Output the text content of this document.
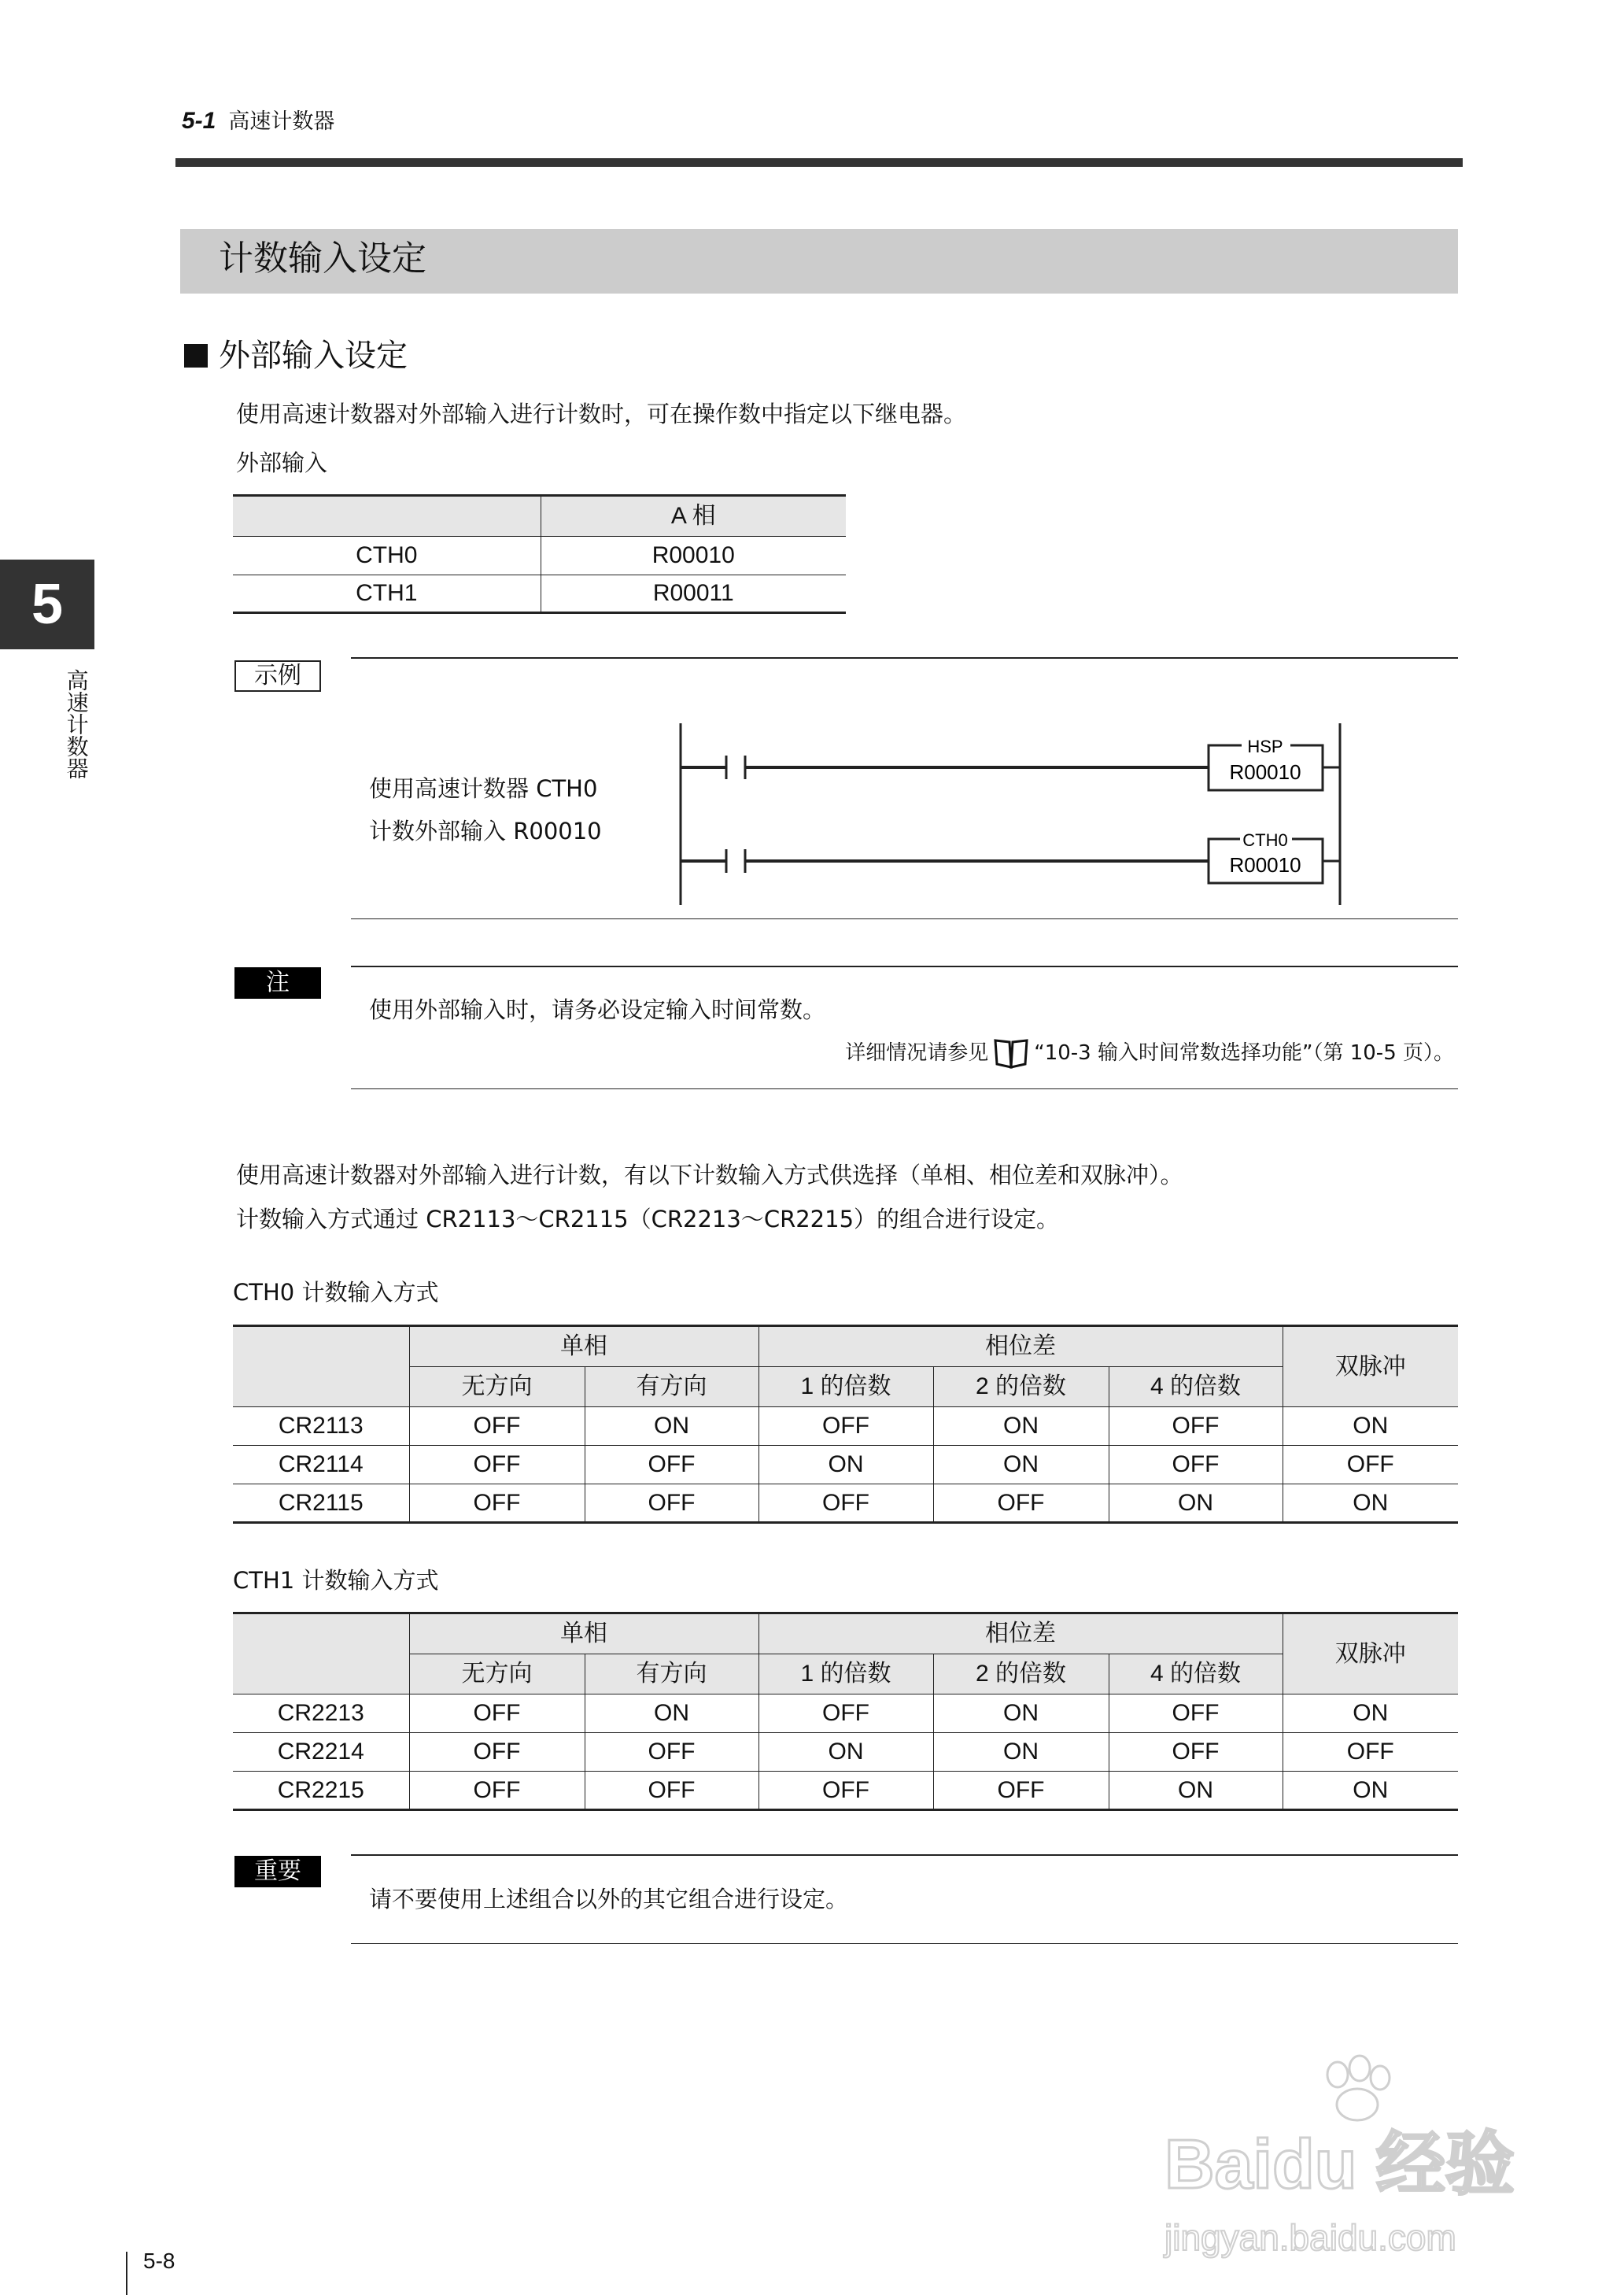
5-1 高速计数器
5
高速计数器
计数输入设定
外部输入设定
使用高速计数器对外部输入进行计数时，可在操作数中指定以下继电器。
外部输入
	A 相
CTH0	R00010
CTH1	R00011
示例
使用高速计数器 CTH0
计数外部输入 R00010
HSP
R00010
CTH0
R00010
注
使用外部输入时，请务必设定输入时间常数。
详细情况请参见 “10-3 输入时间常数选择功能”（第 10-5 页）。
使用高速计数器对外部输入进行计数，有以下计数输入方式供选择（单相、相位差和双脉冲）。
计数输入方式通过 CR2113～CR2115（CR2213～CR2215）的组合进行设定。
CTH0 计数输入方式
	单相		相位差			双脉冲
	无方向	有方向	1 的倍数	2 的倍数	4 的倍数	
CR2113	OFF	ON	OFF	ON	OFF	ON
CR2114	OFF	OFF	ON	ON	OFF	OFF
CR2115	OFF	OFF	OFF	OFF	ON	ON
CTH1 计数输入方式
	单相		相位差			双脉冲
	无方向	有方向	1 的倍数	2 的倍数	4 的倍数	
CR2213	OFF	ON	OFF	ON	OFF	ON
CR2214	OFF	OFF	ON	ON	OFF	OFF
CR2215	OFF	OFF	OFF	OFF	ON	ON
重要
请不要使用上述组合以外的其它组合进行设定。
Baidu 经验
jingyan.baidu.com
5-8
